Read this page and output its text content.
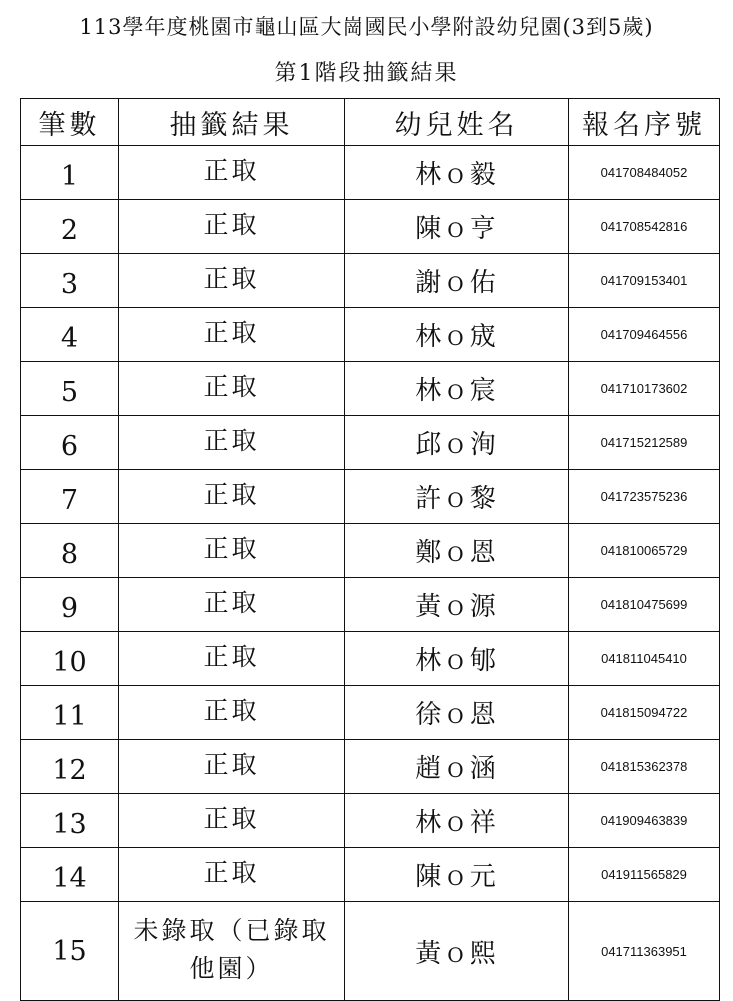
113學年度桃園市龜山區大崗國民小學附設幼兒園(3到5歲)
第1階段抽籤結果
筆數	抽籤結果	幼兒姓名	報名序號
1	正取	林 O 毅	041708484052
2	正取	陳 O 亨	041708542816
3	正取	謝 O 佑	041709153401
4	正取	林 O 宬	041709464556
5	正取	林 O 宸	041710173602
6	正取	邱 O 洵	041715212589
7	正取	許 O 黎	041723575236
8	正取	鄭 O 恩	041810065729
9	正取	黃 O 源	041810475699
10	正取	林 O 郇	041811045410
11	正取	徐 O 恩	041815094722
12	正取	趙 O 涵	041815362378
13	正取	林 O 祥	041909463839
14	正取	陳 O 元	041911565829
15	未錄取（已錄取他園）	黃 O 熙	041711363951
